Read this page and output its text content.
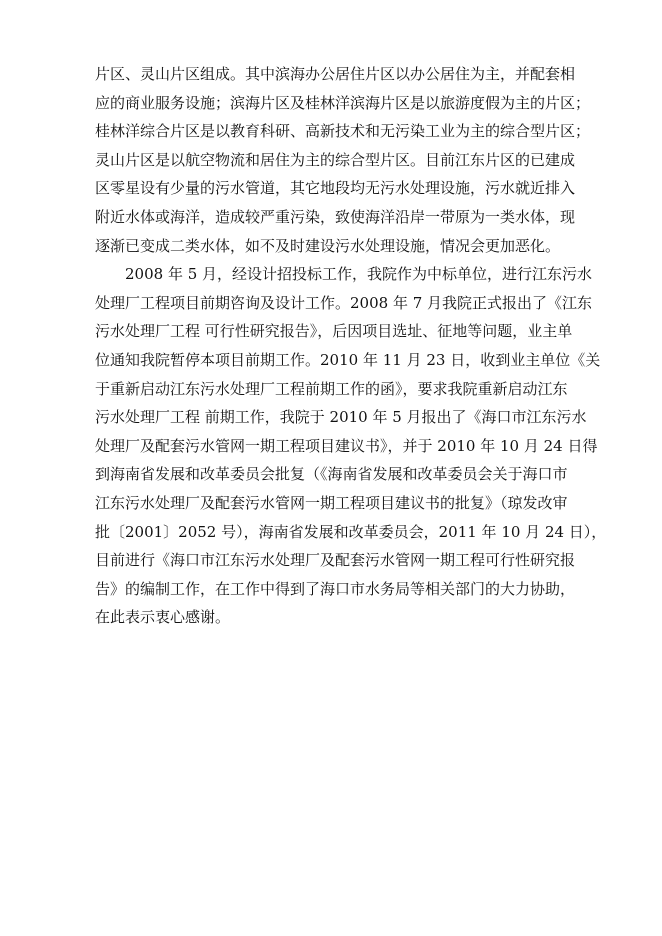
片区、灵山片区组成。其中滨海办公居住片区以办公居住为主，并配套相
应的商业服务设施；滨海片区及桂林洋滨海片区是以旅游度假为主的片区；
桂林洋综合片区是以教育科研、高新技术和无污染工业为主的综合型片区；
灵山片区是以航空物流和居住为主的综合型片区。目前江东片区的已建成
区零星设有少量的污水管道，其它地段均无污水处理设施，污水就近排入
附近水体或海洋，造成较严重污染，致使海洋沿岸一带原为一类水体，现
逐渐已变成二类水体，如不及时建设污水处理设施，情况会更加恶化。
2008 年 5 月，经设计招投标工作，我院作为中标单位，进行江东污水
处理厂工程项目前期咨询及设计工作。2008 年 7 月我院正式报出了《江东
污水处理厂工程 可行性研究报告》，后因项目选址、征地等问题，业主单
位通知我院暂停本项目前期工作。2010 年 11 月 23 日，收到业主单位《关
于重新启动江东污水处理厂工程前期工作的函》，要求我院重新启动江东
污水处理厂工程 前期工作，我院于 2010 年 5 月报出了《海口市江东污水
处理厂及配套污水管网一期工程项目建议书》，并于 2010 年 10 月 24 日得
到海南省发展和改革委员会批复（《海南省发展和改革委员会关于海口市
江东污水处理厂及配套污水管网一期工程项目建议书的批复》（琼发改审
批〔2001〕2052 号），海南省发展和改革委员会，2011 年 10 月 24 日），
目前进行《海口市江东污水处理厂及配套污水管网一期工程可行性研究报
告》的编制工作，在工作中得到了海口市水务局等相关部门的大力协助，
在此表示衷心感谢。
